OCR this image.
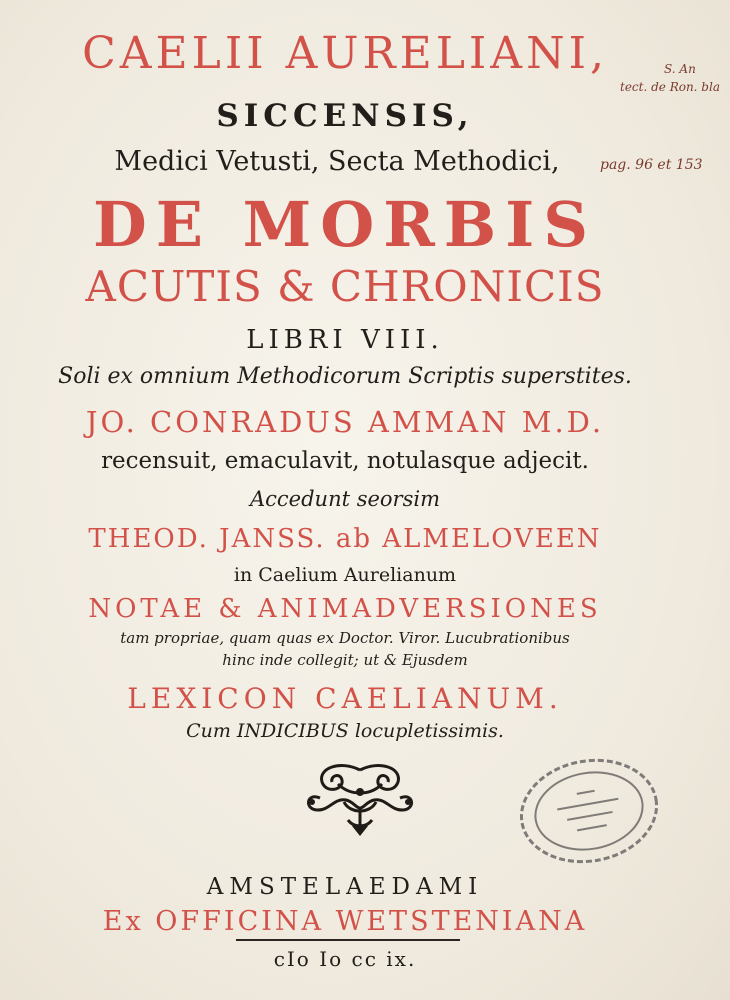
CAELII AURELIANI,
SICCENSIS,
Medici Vetusti, Secta Methodici,
DE MORBIS
ACUTIS & CHRONICIS
LIBRI VIII.
Soli ex omnium Methodicorum Scriptis superstites.
JO. CONRADUS AMMAN M.D.
recensuit, emaculavit, notulasque adjecit.
Accedunt seorsim
THEOD. JANSS. ab ALMELOVEEN
in Caelium Aurelianum
NOTAE & ANIMADVERSIONES
tam propriae, quam quas ex Doctor. Viror. Lucubrationibus
hinc inde collegit; ut & Ejusdem
LEXICON CAELIANUM.
Cum INDICIBUS locupletissimis.
AMSTELAEDAMI
Ex OFFICINA WETSTENIANA
cIo Io cc ix.
S. An
tect. de Ron. bla
pag. 96 et 153
